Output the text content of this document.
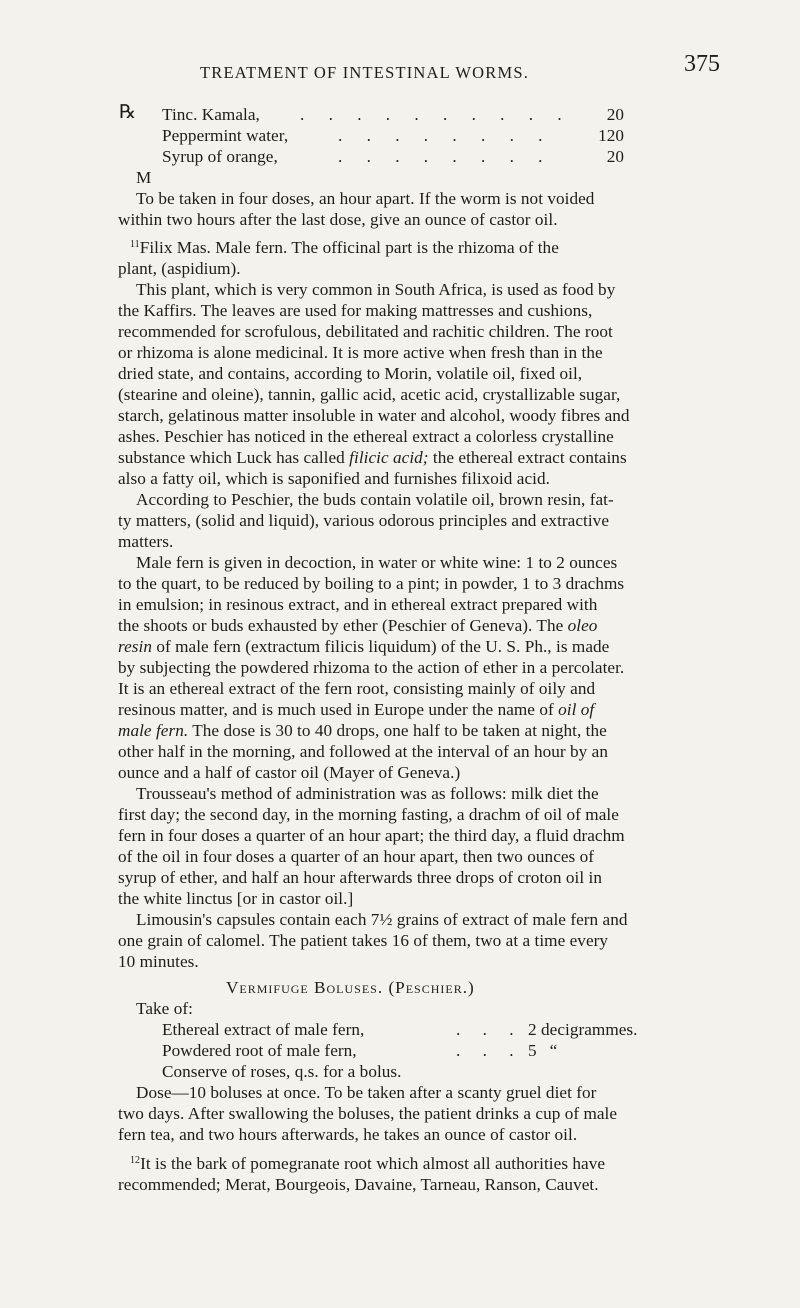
TREATMENT OF INTESTINAL WORMS.	375
℞ Tinc. Kamala, . . . . . . . . . .	20
Peppermint water,	. . . . . . . .	120
Syrup of orange,	. . . . . . . .	20
M
To be taken in four doses, an hour apart. If the worm is not voided
within two hours after the last dose, give an ounce of castor oil.
$^{11}$Filix Mas. Male fern. The officinal part is the rhizoma of the
plant, (aspidium).
This plant, which is very common in South Africa, is used as food by
the Kaffirs. The leaves are used for making mattresses and cushions,
recommended for scrofulous, debilitated and rachitic children. The root
or rhizoma is alone medicinal. It is more active when fresh than in the
dried state, and contains, according to Morin, volatile oil, fixed oil,
(stearine and oleine), tannin, gallic acid, acetic acid, crystallizable sugar,
starch, gelatinous matter insoluble in water and alcohol, woody fibres and
ashes. Peschier has noticed in the ethereal extract a colorless crystalline
substance which Luck has called filicic acid; the ethereal extract contains
also a fatty oil, which is saponified and furnishes filixoid acid.
According to Peschier, the buds contain volatile oil, brown resin, fat-
ty matters, (solid and liquid), various odorous principles and extractive
matters.
Male fern is given in decoction, in water or white wine: 1 to 2 ounces
to the quart, to be reduced by boiling to a pint; in powder, 1 to 3 drachms
in emulsion; in resinous extract, and in ethereal extract prepared with
the shoots or buds exhausted by ether (Peschier of Geneva). The oleo
resin of male fern (extractum filicis liquidum) of the U. S. Ph., is made
by subjecting the powdered rhizoma to the action of ether in a percolater.
It is an ethereal extract of the fern root, consisting mainly of oily and
resinous matter, and is much used in Europe under the name of oil of
male fern. The dose is 30 to 40 drops, one half to be taken at night, the
other half in the morning, and followed at the interval of an hour by an
ounce and a half of castor oil (Mayer of Geneva.)
Trousseau's method of administration was as follows: milk diet the
first day; the second day, in the morning fasting, a drachm of oil of male
fern in four doses a quarter of an hour apart; the third day, a fluid drachm
of the oil in four doses a quarter of an hour apart, then two ounces of
syrup of ether, and half an hour afterwards three drops of croton oil in
the white linctus [or in castor oil.]
Limousin's capsules contain each 7½ grains of extract of male fern and
one grain of calomel. The patient takes 16 of them, two at a time every
10 minutes.
Vermifuge Boluses. (Peschier.)
Take of:
Ethereal extract of male fern,	. . . 2 decigrammes.
Powdered root of male fern,	. . . 5   “
Conserve of roses, q.s. for a bolus.
Dose—10 boluses at once. To be taken after a scanty gruel diet for
two days. After swallowing the boluses, the patient drinks a cup of male
fern tea, and two hours afterwards, he takes an ounce of castor oil.
$^{12}$It is the bark of pomegranate root which almost all authorities have
recommended; Merat, Bourgeois, Davaine, Tarneau, Ranson, Cauvet.
